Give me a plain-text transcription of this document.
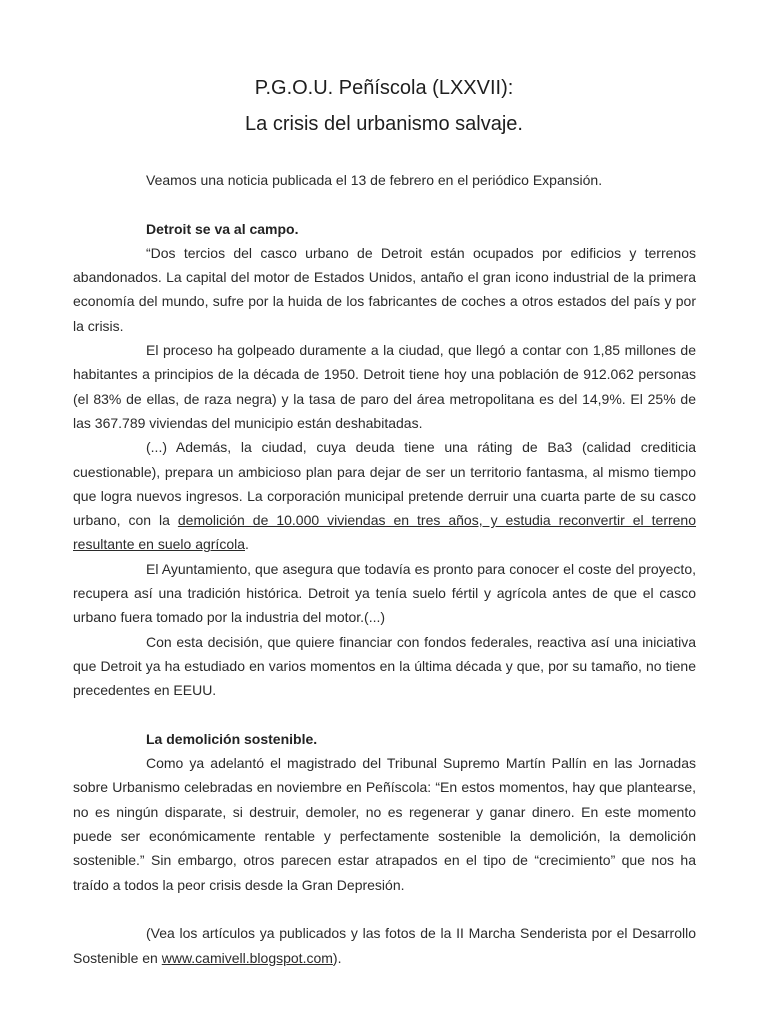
P.G.O.U. Peñíscola (LXXVII):
La crisis del urbanismo salvaje.

Veamos una noticia publicada el 13 de febrero en el periódico Expansión.

Detroit se va al campo.

“Dos tercios del casco urbano de Detroit están ocupados por edificios y terrenos abandonados. La capital del motor de Estados Unidos, antaño el gran icono industrial de la primera economía del mundo, sufre por la huida de los fabricantes de coches a otros estados del país y por la crisis.

El proceso ha golpeado duramente a la ciudad, que llegó a contar con 1,85 millones de habitantes a principios de la década de 1950. Detroit tiene hoy una población de 912.062 personas (el 83% de ellas, de raza negra) y la tasa de paro del área metropolitana es del 14,9%. El 25% de las 367.789 viviendas del municipio están deshabitadas.

(...) Además, la ciudad, cuya deuda tiene una ráting de Ba3 (calidad crediticia cuestionable), prepara un ambicioso plan para dejar de ser un territorio fantasma, al mismo tiempo que logra nuevos ingresos. La corporación municipal pretende derruir una cuarta parte de su casco urbano, con la demolición de 10.000 viviendas en tres años, y estudia reconvertir el terreno resultante en suelo agrícola.

El Ayuntamiento, que asegura que todavía es pronto para conocer el coste del proyecto, recupera así una tradición histórica. Detroit ya tenía suelo fértil y agrícola antes de que el casco urbano fuera tomado por la industria del motor.(...)

Con esta decisión, que quiere financiar con fondos federales, reactiva así una iniciativa que Detroit ya ha estudiado en varios momentos en la última década y que, por su tamaño, no tiene precedentes en EEUU.

La demolición sostenible.

Como ya adelantó el magistrado del Tribunal Supremo Martín Pallín en las Jornadas sobre Urbanismo celebradas en noviembre en Peñíscola: “En estos momentos, hay que plantearse, no es ningún disparate, si destruir, demoler, no es regenerar y ganar dinero. En este momento puede ser económicamente rentable y perfectamente sostenible la demolición, la demolición sostenible.” Sin embargo, otros parecen estar atrapados en el tipo de “crecimiento” que nos ha traído a todos la peor crisis desde la Gran Depresión.

(Vea los artículos ya publicados y las fotos de la II Marcha Senderista por el Desarrollo Sostenible en www.camivell.blogspot.com).
